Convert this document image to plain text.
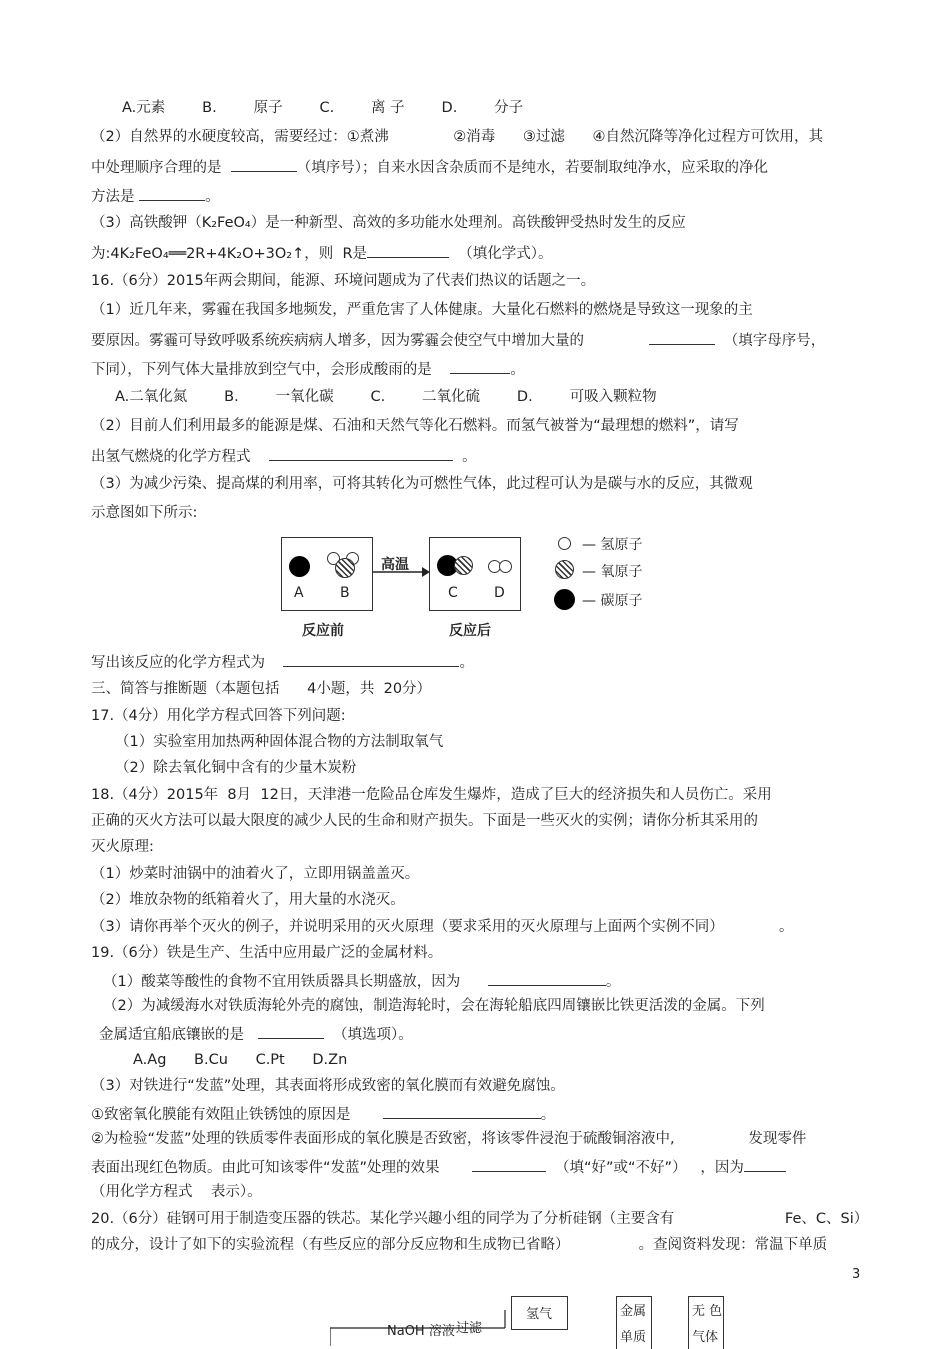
A.元素        B.        原子        C.        离 子        D.        分子
（2）自然界的水硬度较高，需要经过：①煮沸              ②消毒      ③过滤      ④自然沉降等净化过程方可饮用，其
中处理顺序合理的是	（填序号）；自来水因含杂质而不是纯水，若要制取纯净水，应采取的净化
方法是	。
（3）高铁酸钾（K₂FeO₄）是一种新型、高效的多功能水处理剂。高铁酸钾受热时发生的反应
为:4K₂FeO₄══2R+4K₂O+3O₂↑，则  R是	（填化学式）。
16.（6分）2015年两会期间，能源、环境问题成为了代表们热议的话题之一。
（1）近几年来，雾霾在我国多地频发，严重危害了人体健康。大量化石燃料的燃烧是导致这一现象的主
要原因。雾霾可导致呼吸系统疾病病人增多，因为雾霾会使空气中增加大量的	（填字母序号，
下同），下列气体大量排放到空气中，会形成酸雨的是	。
A.二氧化氮        B.        一氧化碳        C.        二氧化硫        D.        可吸入颗粒物
（2）目前人们利用最多的能源是煤、石油和天然气等化石燃料。而氢气被誉为“最理想的燃料”，请写
出氢气燃烧的化学方程式	。
（3）为减少污染、提高煤的利用率，可将其转化为可燃性气体，此过程可认为是碳与水的反应，其微观
示意图如下所示:
A	B
高温
C	D
反应前	反应后
— 氢原子
— 氧原子
— 碳原子
写出该反应的化学方程式为	。
三、简答与推断题（本题包括      4小题，共  20分）
17.（4分）用化学方程式回答下列问题:
（1）实验室用加热两种固体混合物的方法制取氧气
（2）除去氧化铜中含有的少量木炭粉
18.（4分）2015年  8月  12日，天津港一危险品仓库发生爆炸，造成了巨大的经济损失和人员伤亡。采用
正确的灭火方法可以最大限度的减少人民的生命和财产损失。下面是一些灭火的实例；请你分析其采用的
灭火原理:
（1）炒菜时油锅中的油着火了，立即用锅盖盖灭。
（2）堆放杂物的纸箱着火了，用大量的水浇灭。
（3）请你再举个灭火的例子，并说明采用的灭火原理（要求采用的灭火原理与上面两个实例不同）	。
19.（6分）铁是生产、生活中应用最广泛的金属材料。
（1）酸菜等酸性的食物不宜用铁质器具长期盛放，因为	。
（2）为减缓海水对铁质海轮外壳的腐蚀，制造海轮时，会在海轮船底四周镶嵌比铁更活泼的金属。下列
金属适宜船底镶嵌的是	（填选项）。
A.Ag      B.Cu      C.Pt      D.Zn
（3）对铁进行“发蓝”处理，其表面将形成致密的氧化膜而有效避免腐蚀。
①致密氧化膜能有效阻止铁锈蚀的原因是	。
②为检验“发蓝”处理的铁质零件表面形成的氧化膜是否致密，将该零件浸泡于硫酸铜溶液中,	发现零件
表面出现红色物质。由此可知该零件“发蓝”处理的效果	（填“好”或“不好”） ，因为
（用化学方程式    表示）。
20.（6分）硅钢可用于制造变压器的铁芯。某化学兴趣小组的同学为了分析硅钢（主要含有	Fe、C、Si）
的成分，设计了如下的实验流程（有些反应的部分反应物和生成物已省略）	。查阅资料发现：常温下单质
3
NaOH 溶液 过滤
氢气	金属
单质
无 色
气体
